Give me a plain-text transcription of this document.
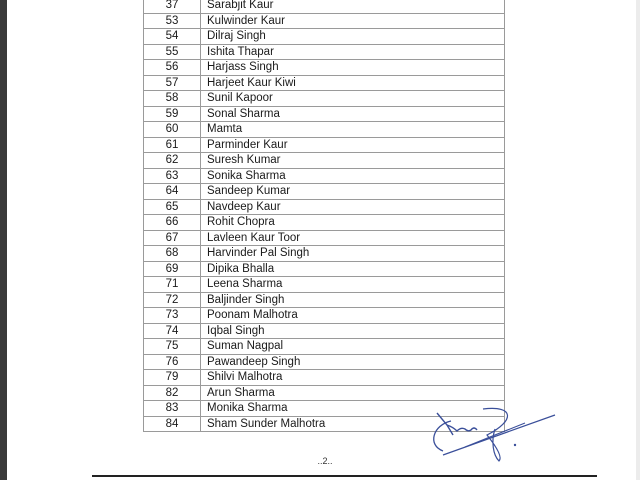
37	Sarabjit Kaur
53	Kulwinder Kaur
54	Dilraj Singh
55	Ishita Thapar
56	Harjass Singh
57	Harjeet Kaur Kiwi
58	Sunil Kapoor
59	Sonal Sharma
60	Mamta
61	Parminder Kaur
62	Suresh Kumar
63	Sonika Sharma
64	Sandeep Kumar
65	Navdeep Kaur
66	Rohit Chopra
67	Lavleen Kaur Toor
68	Harvinder Pal Singh
69	Dipika Bhalla
71	Leena Sharma
72	Baljinder Singh
73	Poonam Malhotra
74	Iqbal Singh
75	Suman Nagpal
76	Pawandeep Singh
79	Shilvi Malhotra
82	Arun Sharma
83	Monika Sharma
84	Sham Sunder Malhotra
..2..
